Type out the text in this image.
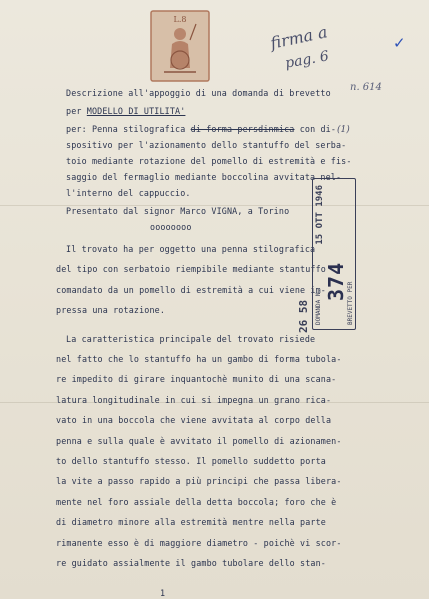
L.8
firma a
pag. 6
n. 614
✓
(1)
Descrizione all'appoggio di una domanda di brevetto
per MODELLO DI UTILITA'
per: Penna stilografica di forma persdinmica con di-
spositivo per l'azionamento dello stantuffo del serba-
toio mediante rotazione del pomello di estremità e fis-
saggio del fermaglio mediante boccolina avvitata nel-
l'interno del cappuccio.
Presentato dal signor Marco VIGNA, a Torino
oooooooo
Il trovato ha per oggetto una penna stilografica
del tipo con serbatoio riempibile mediante stantuffo
comandato da un pomello di estremità a cui viene im-
pressa una rotazione.
La caratteristica principale del trovato risiede
nel fatto che lo stantuffo ha un gambo di forma tubola-
re impedito di girare inquantochè munito di una scana-
latura longitudinale in cui si impegna un grano rica-
vato in una boccola che viene avvitata al corpo della
penna e sulla quale è avvitato il pomello di azionamen-
to dello stantuffo stesso. Il pomello suddetto porta
la vite a passo rapido a più principi che passa libera-
mente nel foro assiale della detta boccola; foro che è
di diametro minore alla estremità mentre nella parte
rimanente esso è di maggiore diametro - poichè vi scor-
re guidato assialmente il gambo tubolare dello stan-
DOMANDA N.
15 OTT 1946
374
BREVETTO PER
26 58
1
